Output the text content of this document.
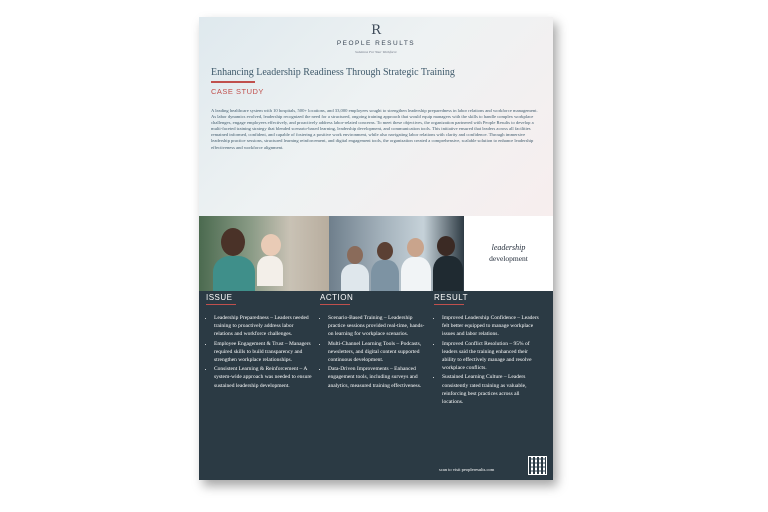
R
PEOPLE RESULTS
Solutions For Your Workforce
Enhancing Leadership Readiness Through Strategic Training
CASE STUDY

A leading healthcare system with 10 hospitals, 500+ locations, and 33,000 employees sought to strengthen leadership preparedness in labor relations and workforce management. As labor dynamics evolved, leadership recognized the need for a structured, ongoing training approach that would equip managers with the skills to handle complex workplace challenges, engage employees effectively, and proactively address labor-related concerns. To meet these objectives, the organization partnered with People Results to develop a multi-faceted training strategy that blended scenario-based learning, leadership development, and communication tools. This initiative ensured that leaders across all facilities remained informed, confident, and capable of fostering a positive work environment, while also navigating labor relations with clarity and confidence. Through immersive leadership practice sessions, structured learning reinforcement, and digital engagement tools, the organization created a comprehensive, scalable solution to enhance leadership effectiveness and workforce alignment.

leadership
development
ISSUE
• Leadership Preparedness – Leaders needed training to proactively address labor relations and workforce challenges.
• Employee Engagement & Trust – Managers required skills to build transparency and strengthen workplace relationships.
• Consistent Learning & Reinforcement – A system-wide approach was needed to ensure sustained leadership development.
ACTION
• Scenario-Based Training – Leadership practice sessions provided real-time, hands-on learning for workplace scenarios.
• Multi-Channel Learning Tools – Podcasts, newsletters, and digital content supported continuous development.
• Data-Driven Improvements – Enhanced engagement tools, including surveys and analytics, measured training effectiveness.
RESULT
• Improved Leadership Confidence – Leaders felt better equipped to manage workplace issues and labor relations.
• Improved Conflict Resolution – 95% of leaders said the training enhanced their ability to effectively manage and resolve workplace conflicts.
• Sustained Learning Culture – Leaders consistently rated training as valuable, reinforcing best practices across all locations.
scan to visit peopleresults.com
